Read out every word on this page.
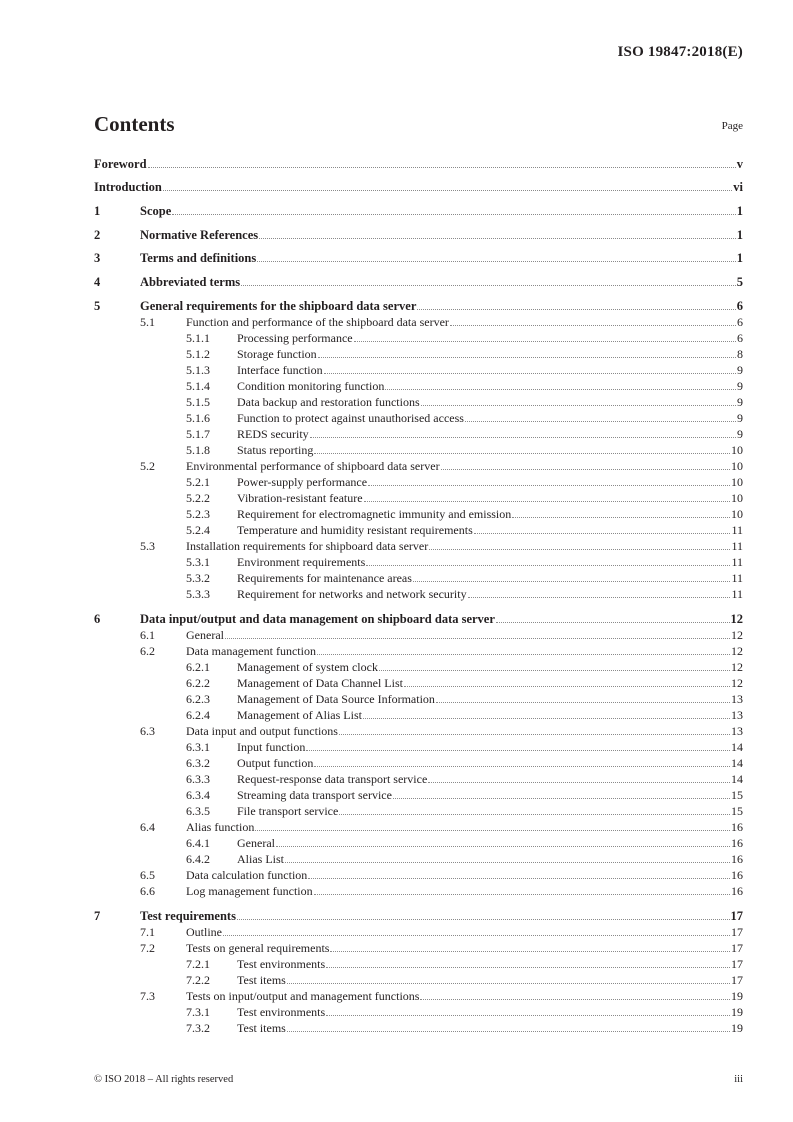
ISO 19847:2018(E)
Contents	Page
Foreword	v
Introduction	vi
1	Scope	1
2	Normative References	1
3	Terms and definitions	1
4	Abbreviated terms	5
5	General requirements for the shipboard data server	6
5.1	Function and performance of the shipboard data server	6
5.1.1	Processing performance	6
5.1.2	Storage function	8
5.1.3	Interface function	9
5.1.4	Condition monitoring function	9
5.1.5	Data backup and restoration functions	9
5.1.6	Function to protect against unauthorised access	9
5.1.7	REDS security	9
5.1.8	Status reporting	10
5.2	Environmental performance of shipboard data server	10
5.2.1	Power-supply performance	10
5.2.2	Vibration-resistant feature	10
5.2.3	Requirement for electromagnetic immunity and emission	10
5.2.4	Temperature and humidity resistant requirements	11
5.3	Installation requirements for shipboard data server	11
5.3.1	Environment requirements	11
5.3.2	Requirements for maintenance areas	11
5.3.3	Requirement for networks and network security	11
6	Data input/output and data management on shipboard data server	12
6.1	General	12
6.2	Data management function	12
6.2.1	Management of system clock	12
6.2.2	Management of Data Channel List	12
6.2.3	Management of Data Source Information	13
6.2.4	Management of Alias List	13
6.3	Data input and output functions	13
6.3.1	Input function	14
6.3.2	Output function	14
6.3.3	Request-response data transport service	14
6.3.4	Streaming data transport service	15
6.3.5	File transport service	15
6.4	Alias function	16
6.4.1	General	16
6.4.2	Alias List	16
6.5	Data calculation function	16
6.6	Log management function	16
7	Test requirements	17
7.1	Outline	17
7.2	Tests on general requirements	17
7.2.1	Test environments	17
7.2.2	Test items	17
7.3	Tests on input/output and management functions	19
7.3.1	Test environments	19
7.3.2	Test items	19
© ISO 2018 – All rights reserved	iii
